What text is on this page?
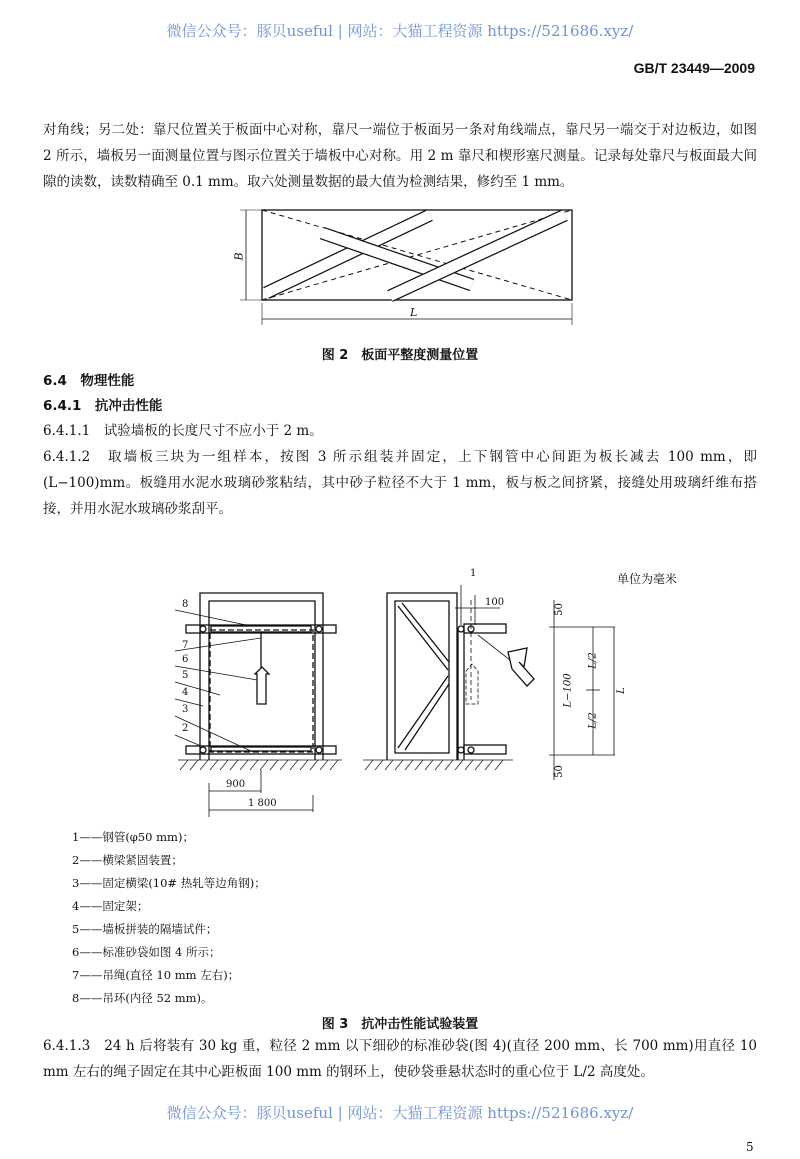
微信公众号：豚贝useful | 网站：大猫工程资源 https://521686.xyz/
GB/T 23449—2009
对角线；另二处：靠尺位置关于板面中心对称，靠尺一端位于板面另一条对角线端点，靠尺另一端交于对边板边，如图 2 所示，墙板另一面测量位置与图示位置关于墙板中心对称。用 2 m 靠尺和楔形塞尺测量。记录每处靠尺与板面最大间隙的读数，读数精确至 0.1 mm。取六处测量数据的最大值为检测结果，修约至 1 mm。
B
L
图 2　板面平整度测量位置
6.4　物理性能
6.4.1　抗冲击性能
6.4.1.1　试验墙板的长度尺寸不应小于 2 m。
6.4.1.2　取墙板三块为一组样本，按图 3 所示组装并固定，上下钢管中心间距为板长减去 100 mm，即(L−100)mm。板缝用水泥水玻璃砂浆粘结，其中砂子粒径不大于 1 mm，板与板之间挤紧，接缝处用玻璃纤维布搭接，并用水泥水玻璃砂浆刮平。
单位为毫米
8
7
6
5
4
3
2
1
900
1 800
100
50
50
L/2
L/2
L−100	L
1——钢管(φ50 mm)；
2——横梁紧固装置；
3——固定横梁(10# 热轧等边角钢)；
4——固定架；
5——墙板拼装的隔墙试件；
6——标准砂袋如图 4 所示；
7——吊绳(直径 10 mm 左右)；
8——吊环(内径 52 mm)。
图 3　抗冲击性能试验装置
6.4.1.3　24 h 后将装有 30 kg 重，粒径 2 mm 以下细砂的标准砂袋(图 4)(直径 200 mm、长 700 mm)用直径 10 mm 左右的绳子固定在其中心距板面 100 mm 的钢环上，使砂袋垂悬状态时的重心位于 L/2 高度处。
微信公众号：豚贝useful | 网站：大猫工程资源 https://521686.xyz/
5
